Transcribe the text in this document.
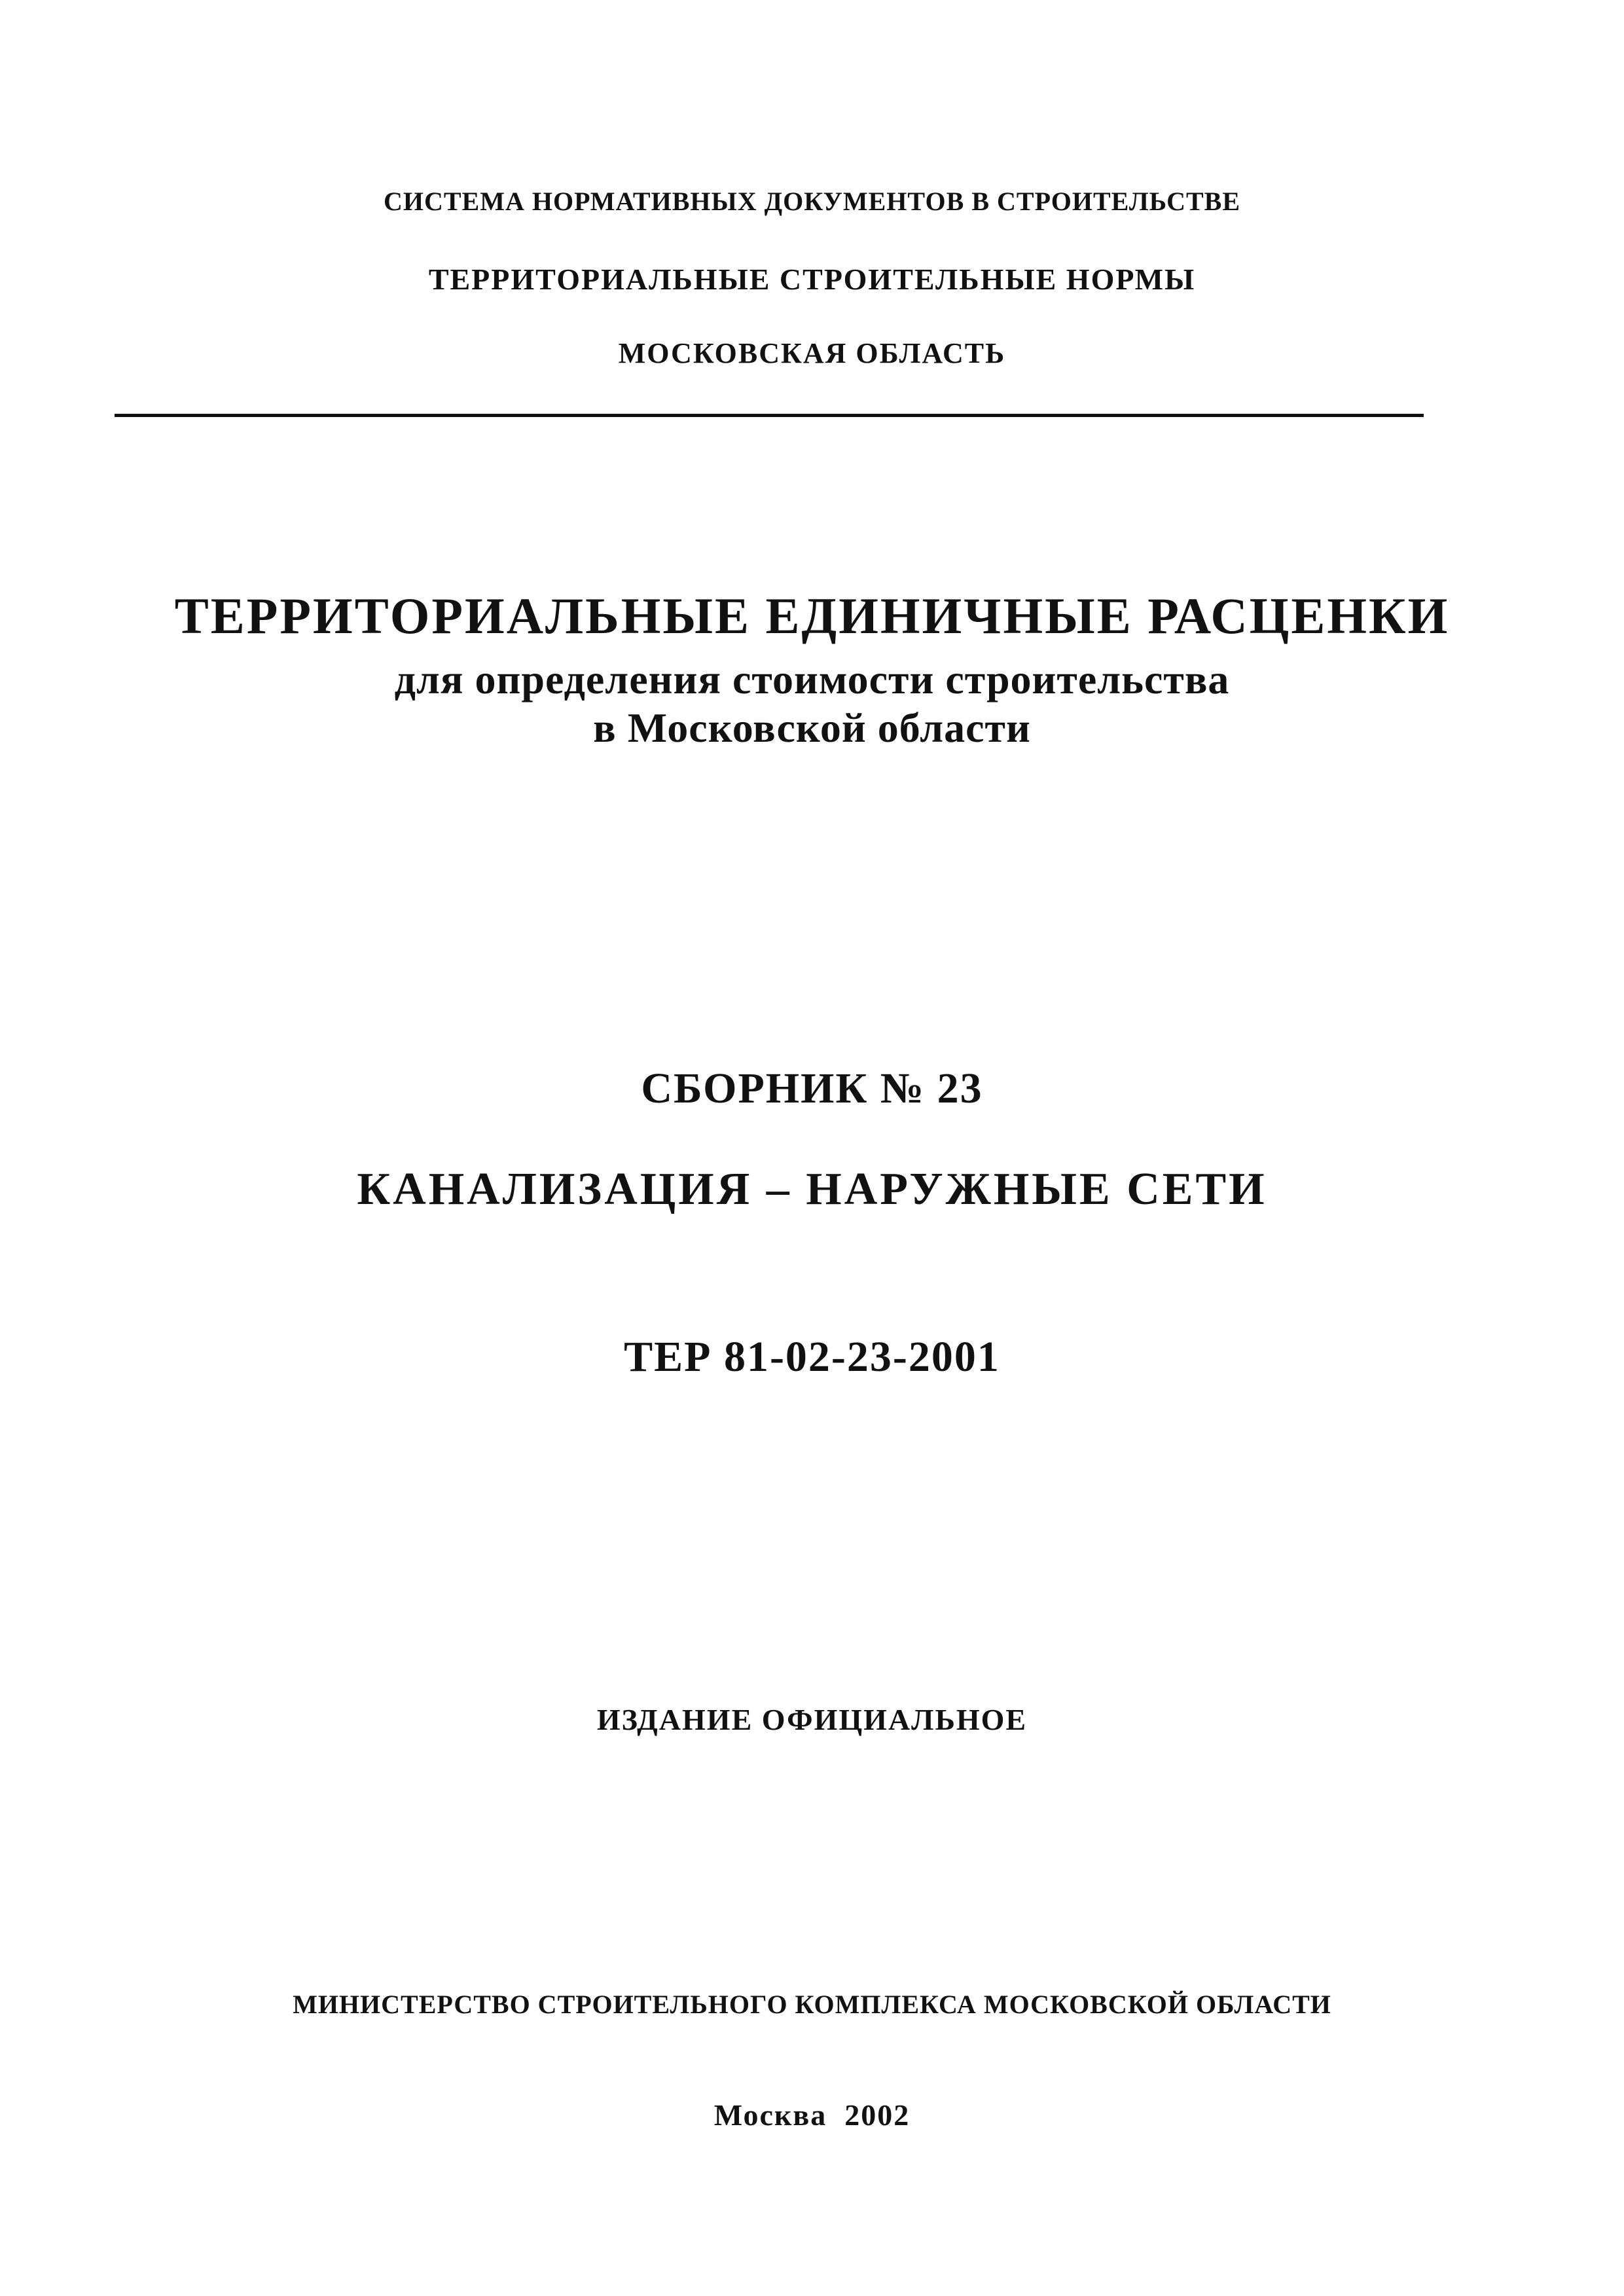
СИСТЕМА НОРМАТИВНЫХ ДОКУМЕНТОВ В СТРОИТЕЛЬСТВЕ
ТЕРРИТОРИАЛЬНЫЕ СТРОИТЕЛЬНЫЕ НОРМЫ
МОСКОВСКАЯ ОБЛАСТЬ
ТЕРРИТОРИАЛЬНЫЕ ЕДИНИЧНЫЕ РАСЦЕНКИ
для определения стоимости строительства
в Московской области
СБОРНИК № 23
КАНАЛИЗАЦИЯ – НАРУЖНЫЕ СЕТИ
ТЕР 81-02-23-2001
ИЗДАНИЕ ОФИЦИАЛЬНОЕ
МИНИСТЕРСТВО СТРОИТЕЛЬНОГО КОМПЛЕКСА МОСКОВСКОЙ ОБЛАСТИ
Москва  2002
